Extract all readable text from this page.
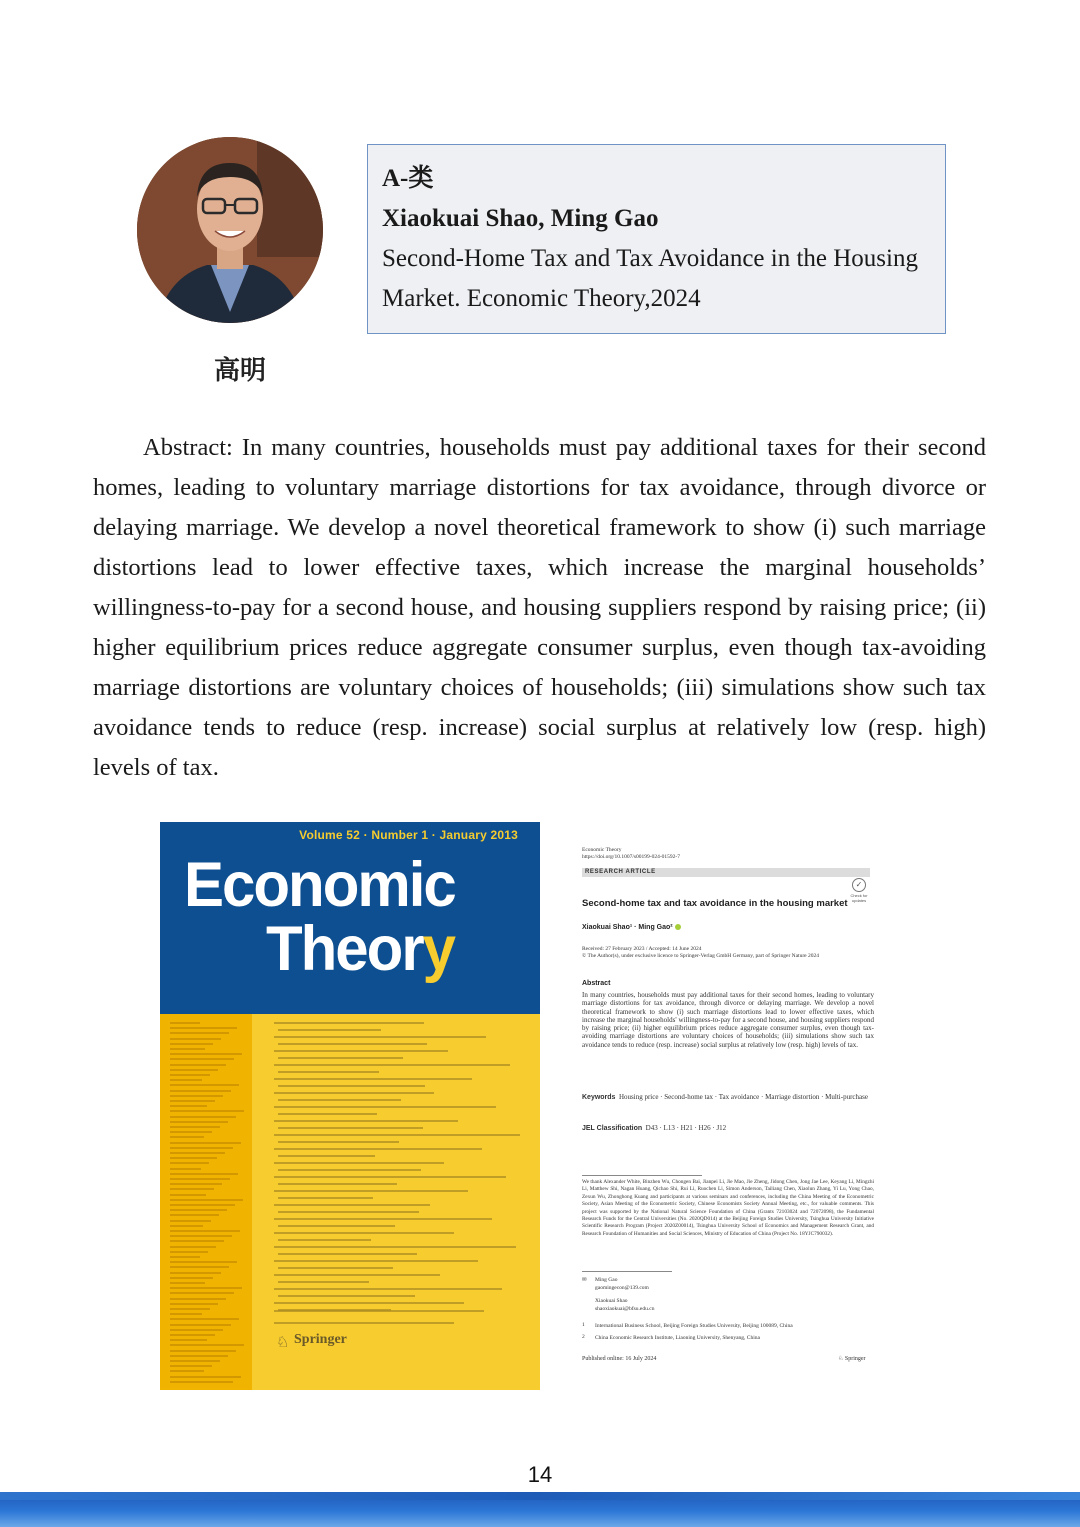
高明
A-类
Xiaokuai Shao, Ming Gao
Second-Home Tax and Tax Avoidance in the Housing
Market. Economic Theory,2024

Abstract: In many countries, households must pay additional taxes for their second homes, leading to voluntary marriage distortions for tax avoidance, through divorce or delaying marriage. We develop a novel theoretical framework to show (i) such marriage distortions lead to lower effective taxes, which increase the marginal households’ willingness-to-pay for a second house, and housing suppliers respond by raising price; (ii) higher equilibrium prices reduce aggregate consumer surplus, even though tax-avoiding marriage distortions are voluntary choices of households; (iii) simulations show such tax avoidance tends to reduce (resp. increase) social surplus at relatively low (resp. high) levels of tax.

Volume 52 · Number 1 · January 2013
Economic
Theory
♘ Springer
Economic Theory
https://doi.org/10.1007/s00199-024-01592-7
RESEARCH ARTICLE
✓
Check for updates
Second-home tax and tax avoidance in the housing market
Xiaokuai Shao¹ · Ming Gao²
Received: 27 February 2023 / Accepted: 14 June 2024
© The Author(s), under exclusive licence to Springer-Verlag GmbH Germany, part of Springer Nature 2024
Abstract
In many countries, households must pay additional taxes for their second homes, leading to voluntary marriage distortions for tax avoidance, through divorce or delaying marriage. We develop a novel theoretical framework to show (i) such marriage distortions lead to lower effective taxes, which increase the marginal households' willingness-to-pay for a second house, and housing suppliers respond by raising price; (ii) higher equilibrium prices reduce aggregate consumer surplus, even though tax-avoiding marriage distortions are voluntary choices of households; (iii) simulations show such tax avoidance tends to reduce (resp. increase) social surplus at relatively low (resp. high) levels of tax.
Keywords Housing price · Second-home tax · Tax avoidance · Marriage distortion · Multi-purchase
JEL Classification D43 · L13 · H21 · H26 · J12
We thank Alexander White, Binzhen Wu, Chongen Bai, Jianpei Li, Jie Mao, Jie Zheng, Jidong Chen, Jong Jae Lee, Keyang Li, Mingzhi Li, Matthew Shi, Nagan Huang, Qichao Shi, Rui Li, Ruochen Li, Simon Anderson, Tailiang Chen, Xiaolun Zhang, Yi Lu, Yong Chao, Zexun Wu, Zhonghong Kuang and participants at various seminars and conferences, including the China Meeting of the Econometric Society, Asian Meeting of the Econometric Society, Chinese Economists Society Annual Meeting, etc., for valuable comments. This project was supported by the National Natural Science Foundation of China (Grants 72103024 and 72072098), the Fundamental Research Funds for the Central Universities (No. 2020QD014) at the Beijing Foreign Studies University, Tsinghua University Initiative Scientific Research Program (Project 2020Z00014), Tsinghua University School of Economics and Management Research Grant, and Research Foundation of Humanities and Social Sciences, Ministry of Education of China (Project No. 18YJC790032).
✉ Ming Gao
gaomingecon@139.com
Xiaokuai Shao
shaoxiaokuai@bfsu.edu.cn
1 International Business School, Beijing Foreign Studies University, Beijing 100089, China
2 China Economic Research Institute, Liaoning University, Shenyang, China
Published online: 16 July 2024	♘ Springer
14
